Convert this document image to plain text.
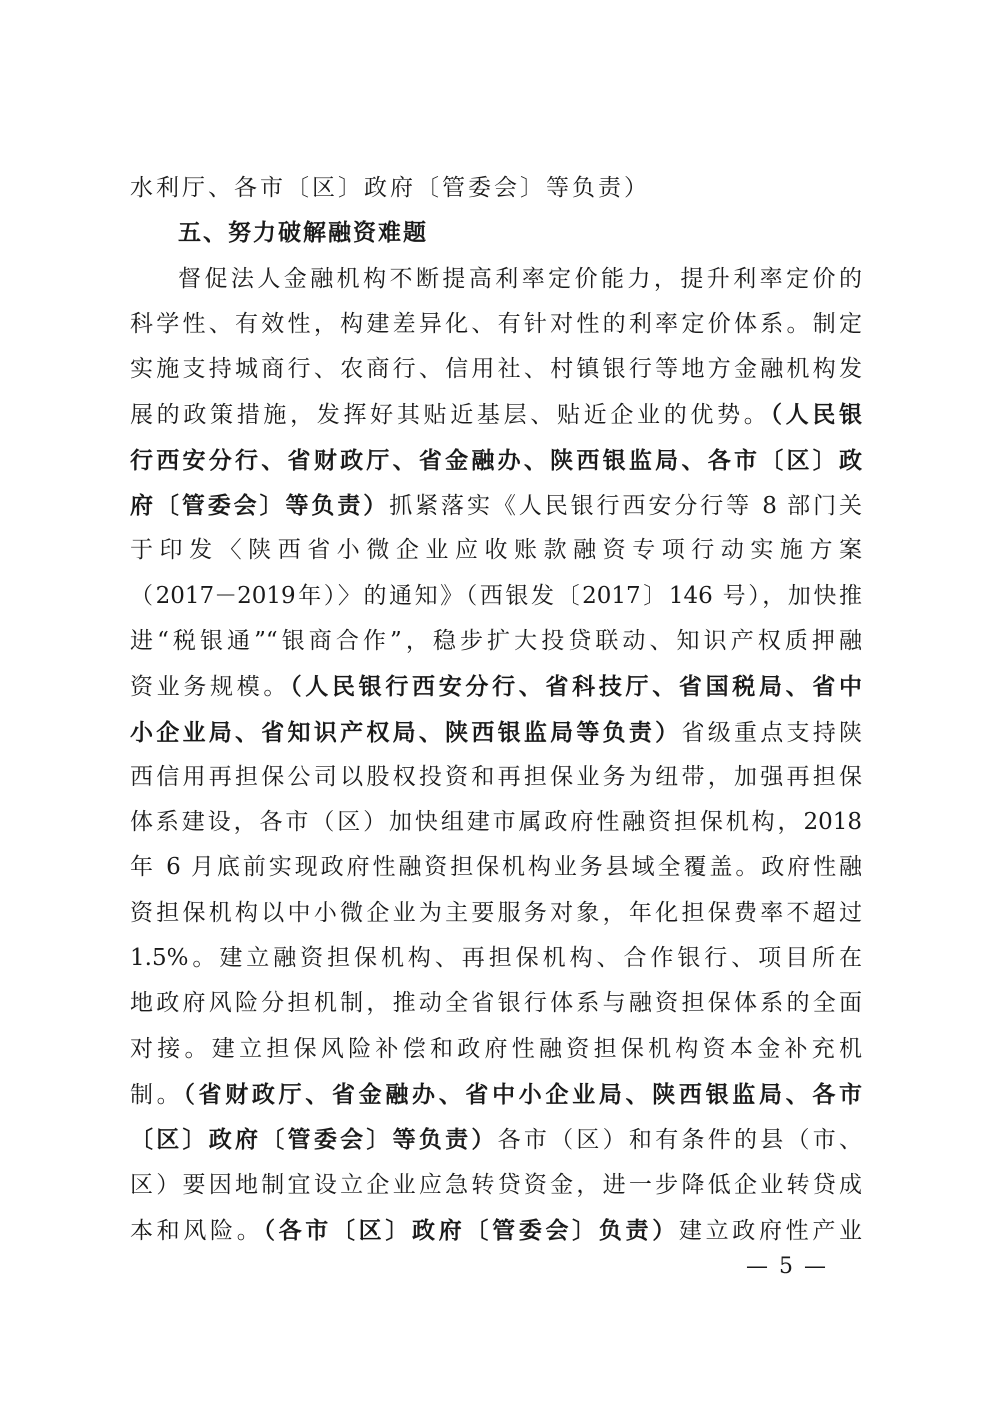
水利厅、各市〔区〕政府〔管委会〕等负责）
五、努力破解融资难题
督促法人金融机构不断提高利率定价能力，提升利率定价的
科学性、有效性，构建差异化、有针对性的利率定价体系。制定
实施支持城商行、农商行、信用社、村镇银行等地方金融机构发
展的政策措施，发挥好其贴近基层、贴近企业的优势。（人民银
行西安分行、省财政厅、省金融办、陕西银监局、各市〔区〕政
府〔管委会〕等负责）抓紧落实《人民银行西安分行等 8 部门关
于印发〈陕西省小微企业应收账款融资专项行动实施方案
（2017－2019年）〉的通知》（西银发〔2017〕146 号），加快推
进“税银通”“银商合作”，稳步扩大投贷联动、知识产权质押融
资业务规模。（人民银行西安分行、省科技厅、省国税局、省中
小企业局、省知识产权局、陕西银监局等负责）省级重点支持陕
西信用再担保公司以股权投资和再担保业务为纽带，加强再担保
体系建设，各市（区）加快组建市属政府性融资担保机构，2018
年 6 月底前实现政府性融资担保机构业务县域全覆盖。政府性融
资担保机构以中小微企业为主要服务对象，年化担保费率不超过
1.5%。建立融资担保机构、再担保机构、合作银行、项目所在
地政府风险分担机制，推动全省银行体系与融资担保体系的全面
对接。建立担保风险补偿和政府性融资担保机构资本金补充机
制。（省财政厅、省金融办、省中小企业局、陕西银监局、各市
〔区〕政府〔管委会〕等负责）各市（区）和有条件的县（市、
区）要因地制宜设立企业应急转贷资金，进一步降低企业转贷成
本和风险。（各市〔区〕政府〔管委会〕负责）建立政府性产业
— 5 —
